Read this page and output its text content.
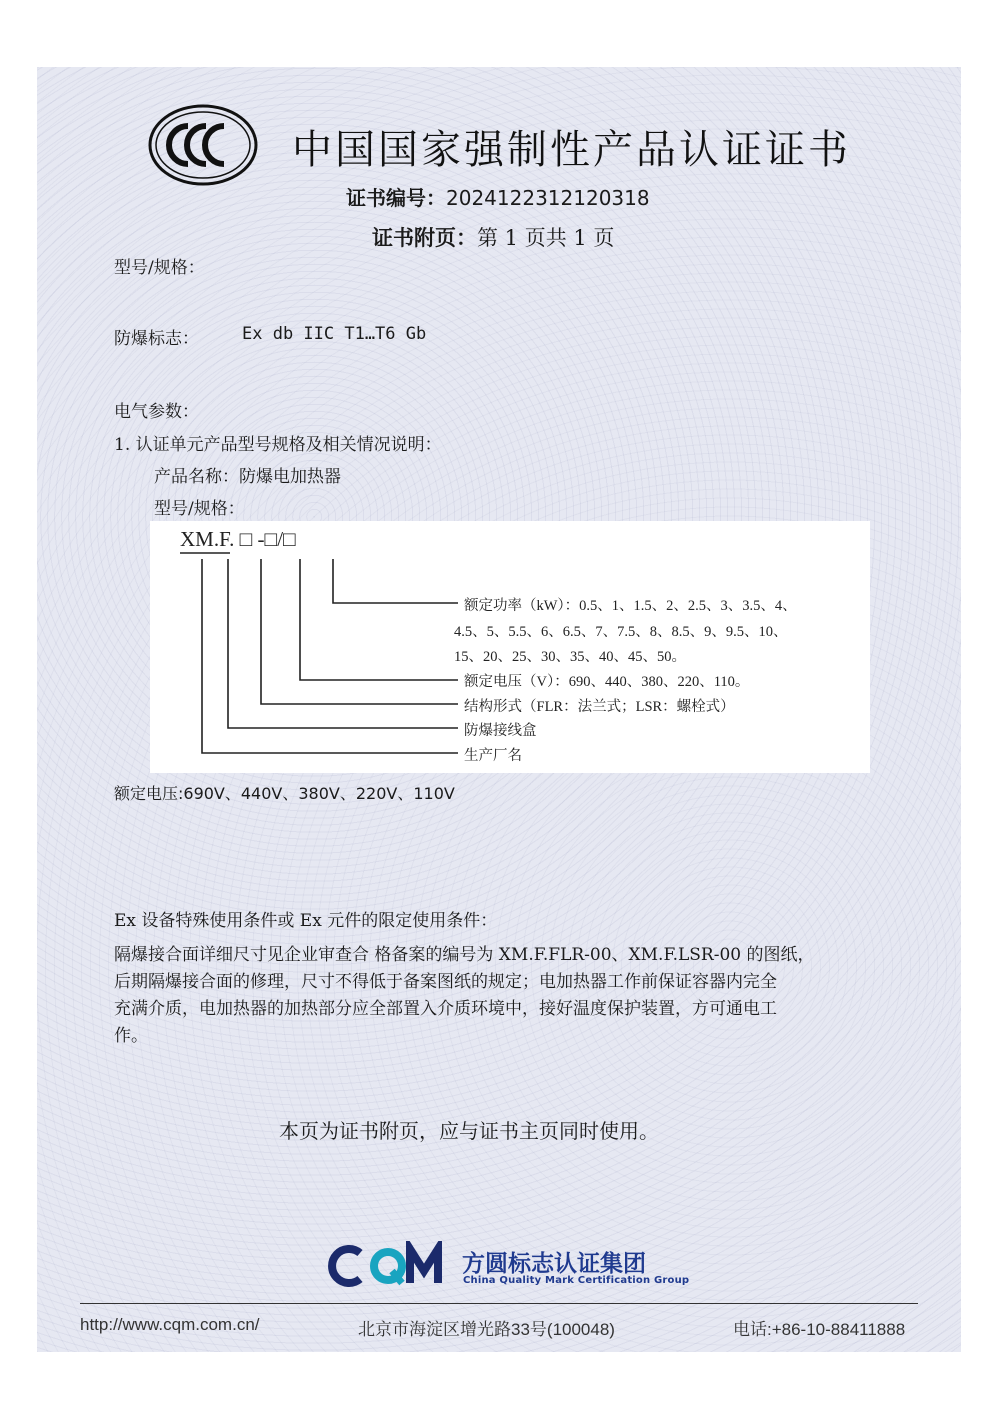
中国国家强制性产品认证证书
证书编号：2024122312120318
证书附页：第 1 页共 1 页
型号/规格：
防爆标志：	Ex db IIC T1…T6 Gb
电气参数：
1. 认证单元产品型号规格及相关情况说明：
产品名称：防爆电加热器
型号/规格：
XM.F. □ -□/□
额定功率（kW）：0.5、1、1.5、2、2.5、3、3.5、4、
4.5、5、5.5、6、6.5、7、7.5、8、8.5、9、9.5、10、
15、20、25、30、35、40、45、50。
额定电压（V）：690、440、380、220、110。
结构形式（FLR：法兰式；LSR：螺栓式）
防爆接线盒
生产厂名
额定电压:690V、440V、380V、220V、110V
Ex 设备特殊使用条件或 Ex 元件的限定使用条件：
隔爆接合面详细尺寸见企业审查合 格备案的编号为 XM.F.FLR-00、XM.F.LSR-00 的图纸，
后期隔爆接合面的修理，尺寸不得低于备案图纸的规定；电加热器工作前保证容器内完全
充满介质，电加热器的加热部分应全部置入介质环境中，接好温度保护装置，方可通电工
作。
本页为证书附页，应与证书主页同时使用。
方圆标志认证集团
China Quality Mark Certification Group
http://www.cqm.com.cn/	北京市海淀区增光路33号(100048)	电话:+86-10-88411888
